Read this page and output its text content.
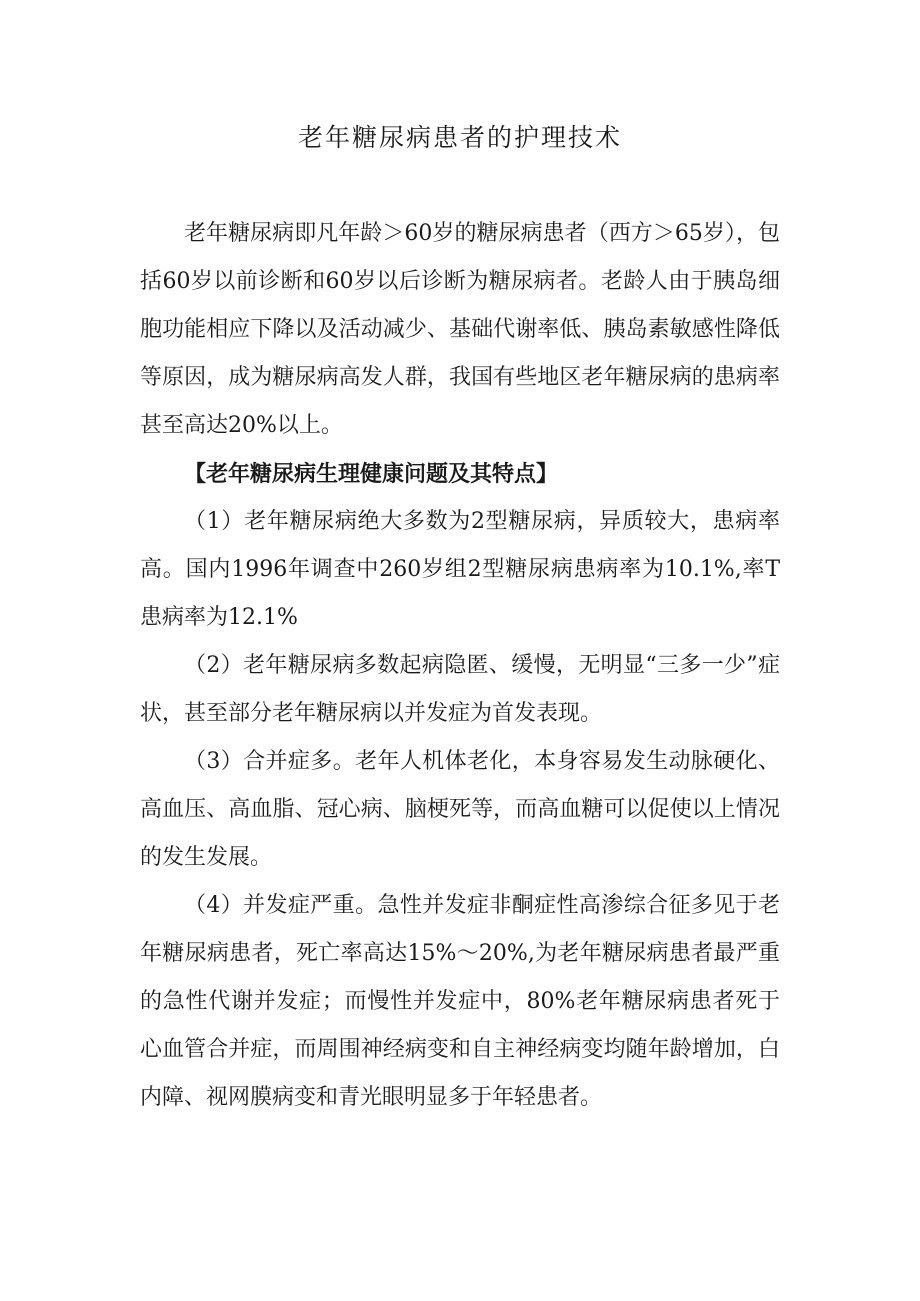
老年糖尿病患者的护理技术

老年糖尿病即凡年龄＞60岁的糖尿病患者（西方＞65岁），包括60岁以前诊断和60岁以后诊断为糖尿病者。老龄人由于胰岛细胞功能相应下降以及活动减少、基础代谢率低、胰岛素敏感性降低等原因，成为糖尿病高发人群，我国有些地区老年糖尿病的患病率甚至高达20%以上。

【老年糖尿病生理健康问题及其特点】

（1）老年糖尿病绝大多数为2型糖尿病，异质较大，患病率高。国内1996年调查中260岁组2型糖尿病患病率为10.1%,率T患病率为12.1%

（2）老年糖尿病多数起病隐匿、缓慢，无明显“三多一少”症状，甚至部分老年糖尿病以并发症为首发表现。

（3）合并症多。老年人机体老化，本身容易发生动脉硬化、高血压、高血脂、冠心病、脑梗死等，而高血糖可以促使以上情况的发生发展。

（4）并发症严重。急性并发症非酮症性高渗综合征多见于老年糖尿病患者，死亡率高达15%～20%,为老年糖尿病患者最严重的急性代谢并发症；而慢性并发症中，80%老年糖尿病患者死于心血管合并症，而周围神经病变和自主神经病变均随年龄增加，白内障、视网膜病变和青光眼明显多于年轻患者。
